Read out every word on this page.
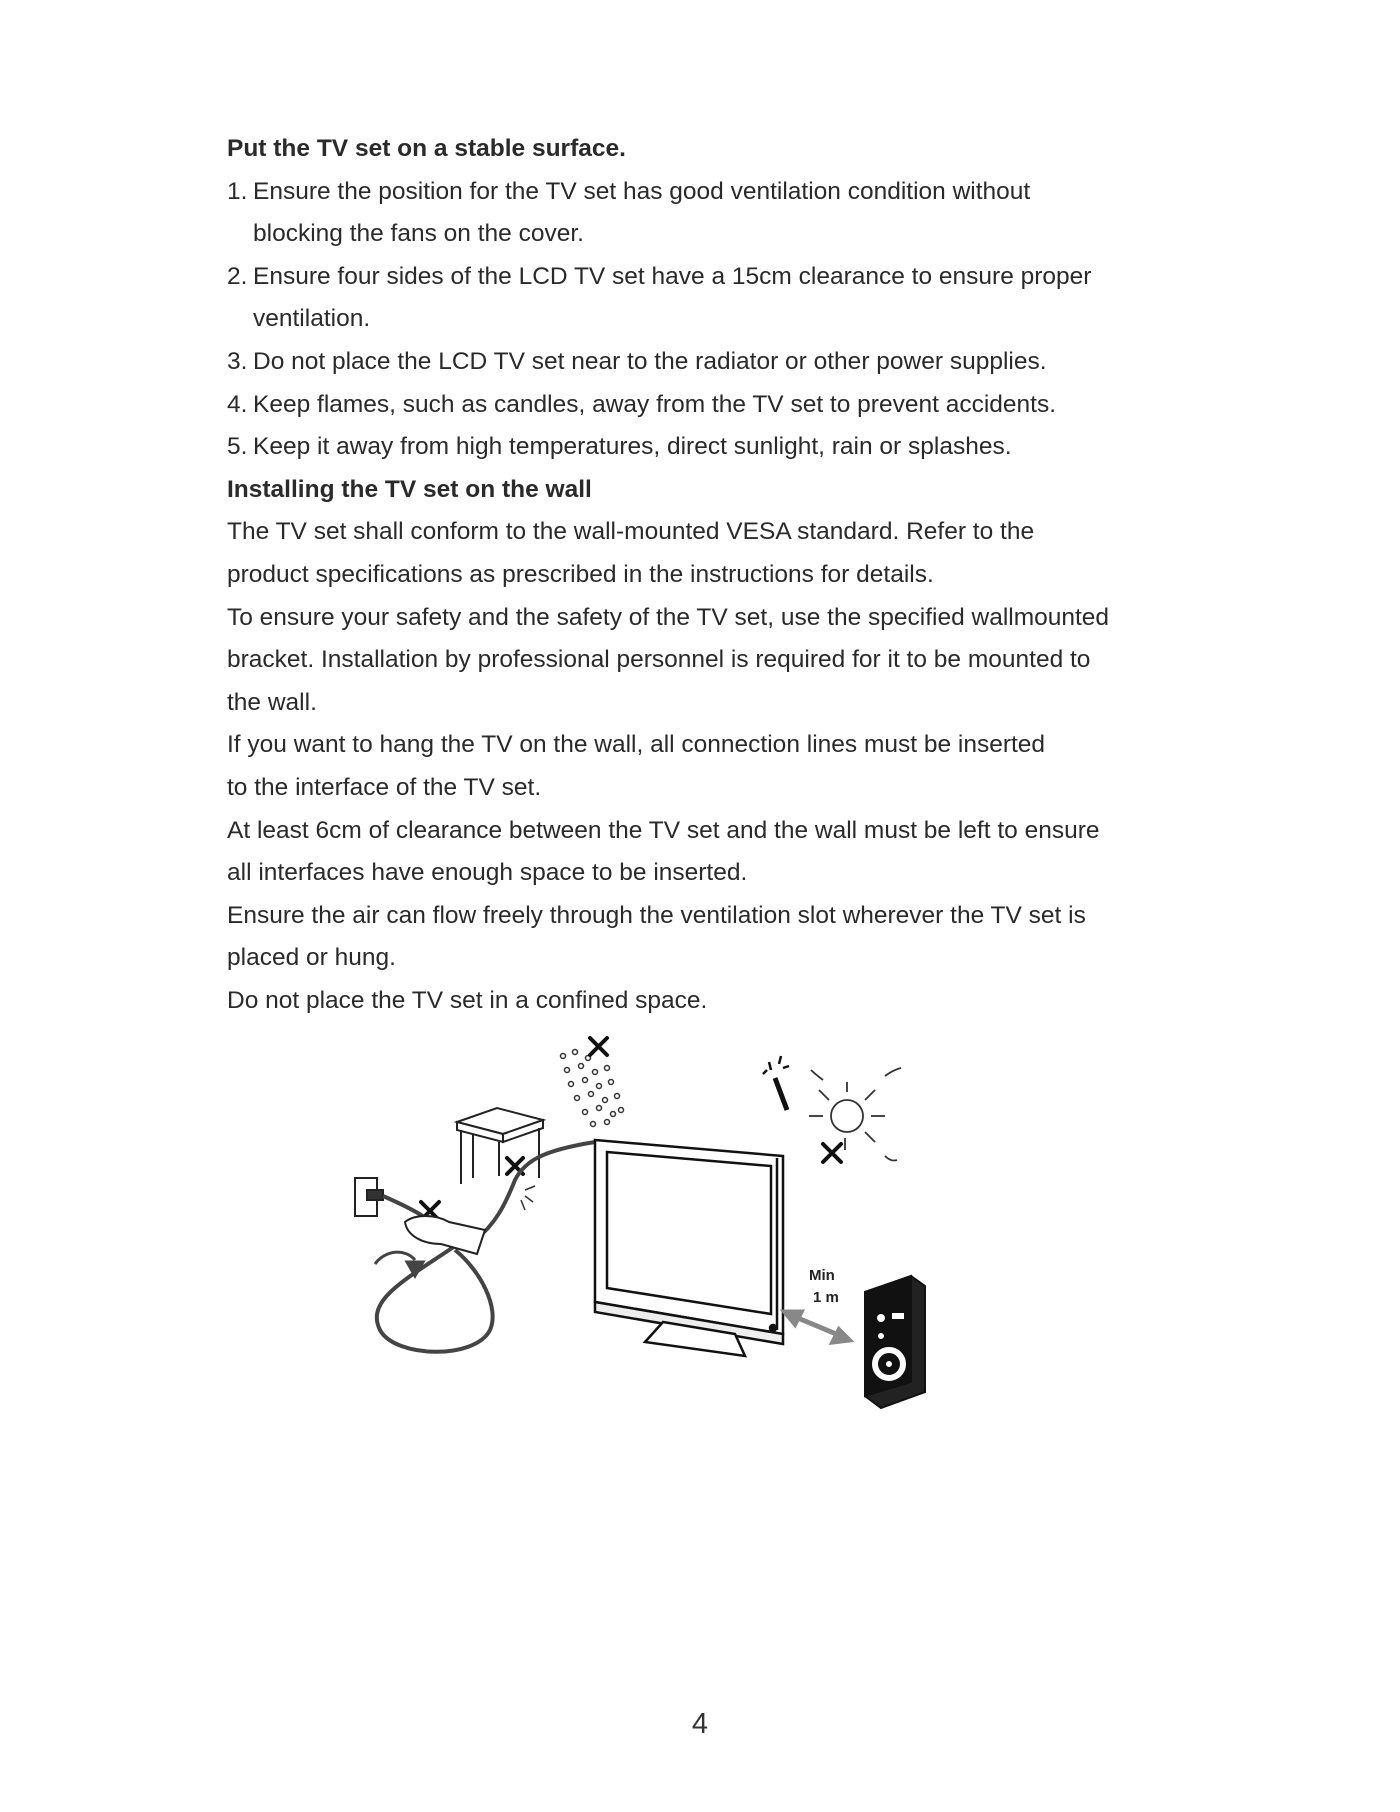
Put the TV set on a stable surface.
1. Ensure the position for the TV set has good ventilation condition without blocking the fans on the cover.
2. Ensure four sides of the LCD TV set have a 15cm clearance to ensure proper ventilation.
3. Do not place the LCD TV set near to the radiator or other power supplies.
4. Keep flames, such as candles, away from the TV set to prevent accidents.
5. Keep it away from high temperatures, direct sunlight, rain or splashes.
Installing the TV set on the wall
The TV set shall conform to the wall-mounted VESA standard. Refer to the
product specifications as prescribed in the instructions for details.
To ensure your safety and the safety of the TV set, use the specified wallmounted
bracket. Installation by professional personnel is required for it to be mounted to
the wall.
If you want to hang the TV on the wall, all connection lines must be inserted
to the interface of the TV set.
At least 6cm of clearance between the TV set and the wall must be left to ensure
all interfaces have enough space to be inserted.
Ensure the air can flow freely through the ventilation slot wherever the TV set is
placed or hung.
Do not place the TV set in a confined space.
Min
1 m
4
